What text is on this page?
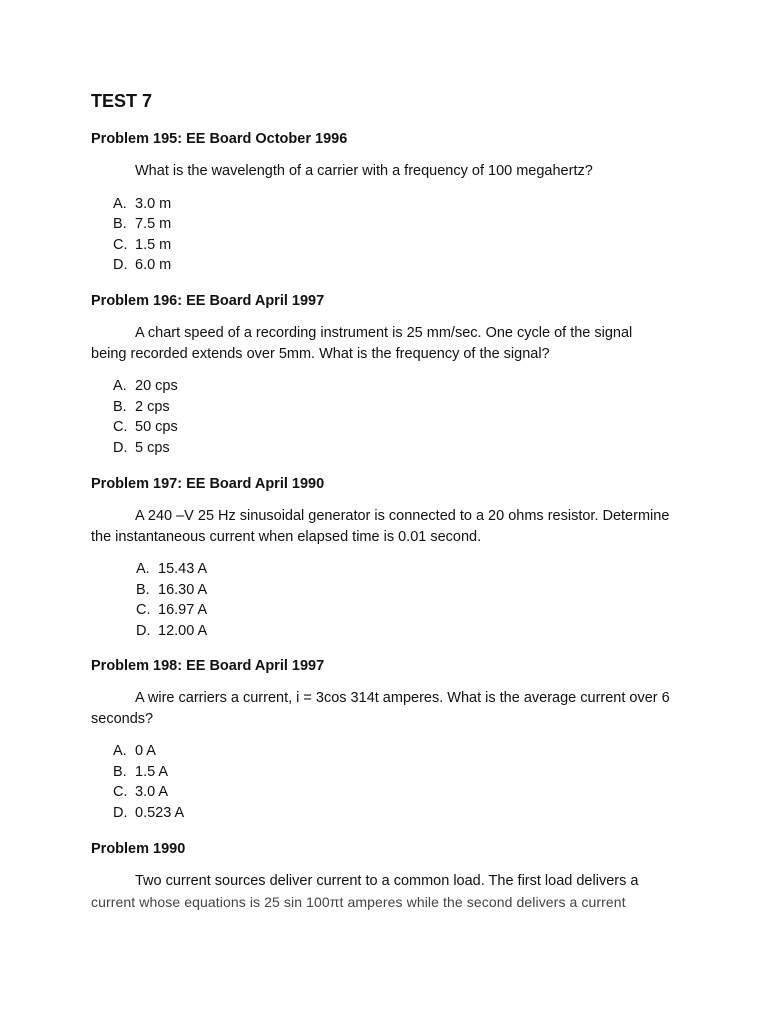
TEST 7

Problem 195: EE Board October 1996

What is the wavelength of a carrier with a frequency of 100 megahertz?

A. 3.0 m
B. 7.5 m
C. 1.5 m
D. 6.0 m

Problem 196: EE Board April 1997

A chart speed of a recording instrument is 25 mm/sec. One cycle of the signal being recorded extends over 5mm. What is the frequency of the signal?

A. 20 cps
B. 2 cps
C. 50 cps
D. 5 cps

Problem 197: EE Board April 1990

A 240 –V 25 Hz sinusoidal generator is connected to a 20 ohms resistor. Determine the instantaneous current when elapsed time is 0.01 second.

A. 15.43 A
B. 16.30 A
C. 16.97 A
D. 12.00 A

Problem 198: EE Board April 1997

A wire carriers a current, i = 3cos 314t amperes. What is the average current over 6 seconds?

A. 0 A
B. 1.5 A
C. 3.0 A
D. 0.523 A

Problem 1990

Two current sources deliver current to a common load. The first load delivers a

current whose equations is 25 sin 100πt amperes while the second delivers a current
